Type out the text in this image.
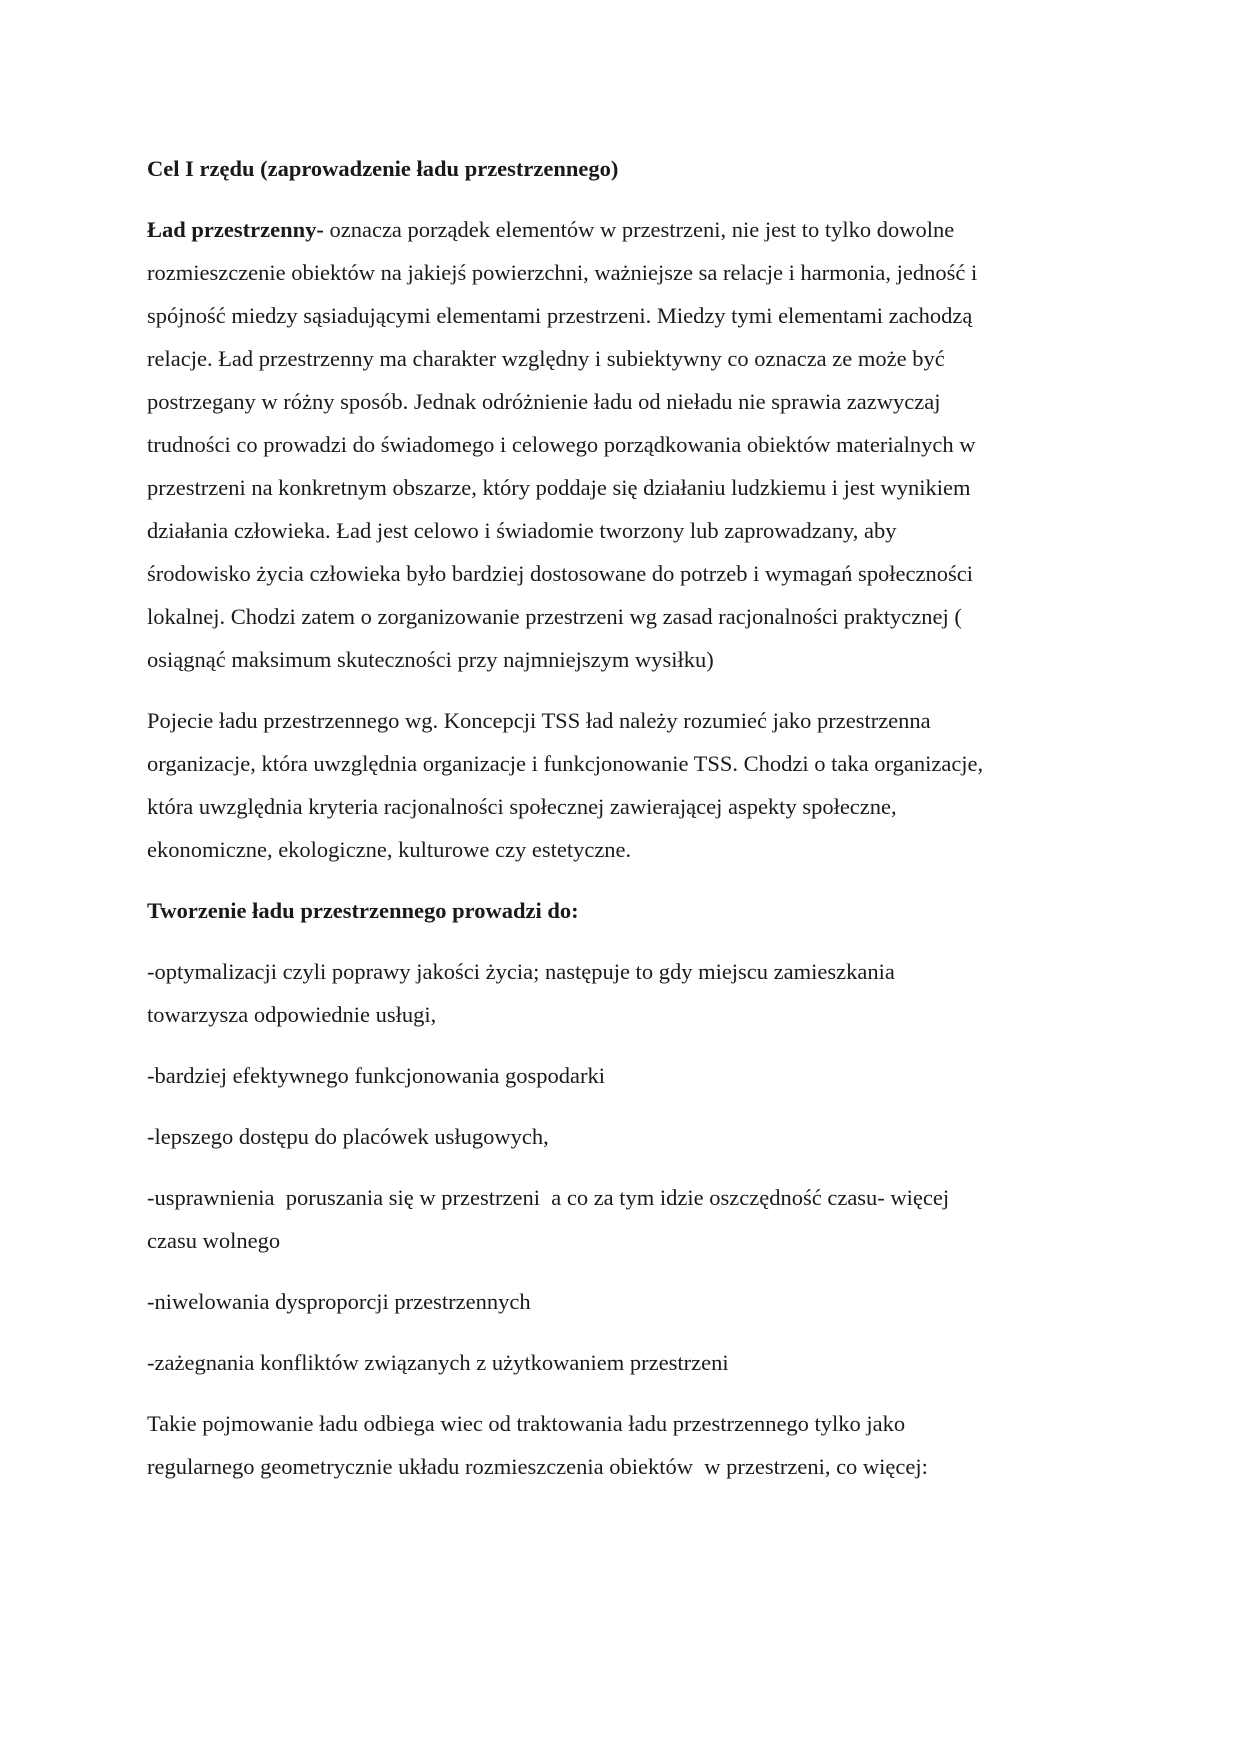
Cel I rzędu (zaprowadzenie ładu przestrzennego)
Ład przestrzenny- oznacza porządek elementów w przestrzeni, nie jest to tylko dowolne
rozmieszczenie obiektów na jakiejś powierzchni, ważniejsze sa relacje i harmonia, jedność i
spójność miedzy sąsiadującymi elementami przestrzeni. Miedzy tymi elementami zachodzą
relacje. Ład przestrzenny ma charakter względny i subiektywny co oznacza ze może być
postrzegany w różny sposób. Jednak odróżnienie ładu od nieładu nie sprawia zazwyczaj
trudności co prowadzi do świadomego i celowego porządkowania obiektów materialnych w
przestrzeni na konkretnym obszarze, który poddaje się działaniu ludzkiemu i jest wynikiem
działania człowieka. Ład jest celowo i świadomie tworzony lub zaprowadzany, aby
środowisko życia człowieka było bardziej dostosowane do potrzeb i wymagań społeczności
lokalnej. Chodzi zatem o zorganizowanie przestrzeni wg zasad racjonalności praktycznej (
osiągnąć maksimum skuteczności przy najmniejszym wysiłku)
Pojecie ładu przestrzennego wg. Koncepcji TSS ład należy rozumieć jako przestrzenna
organizacje, która uwzględnia organizacje i funkcjonowanie TSS. Chodzi o taka organizacje,
która uwzględnia kryteria racjonalności społecznej zawierającej aspekty społeczne,
ekonomiczne, ekologiczne, kulturowe czy estetyczne.
Tworzenie ładu przestrzennego prowadzi do:
-optymalizacji czyli poprawy jakości życia; następuje to gdy miejscu zamieszkania
towarzysza odpowiednie usługi,
-bardziej efektywnego funkcjonowania gospodarki
-lepszego dostępu do placówek usługowych,
-usprawnienia  poruszania się w przestrzeni  a co za tym idzie oszczędność czasu- więcej
czasu wolnego
-niwelowania dysproporcji przestrzennych
-zażegnania konfliktów związanych z użytkowaniem przestrzeni
Takie pojmowanie ładu odbiega wiec od traktowania ładu przestrzennego tylko jako
regularnego geometrycznie układu rozmieszczenia obiektów  w przestrzeni, co więcej:
